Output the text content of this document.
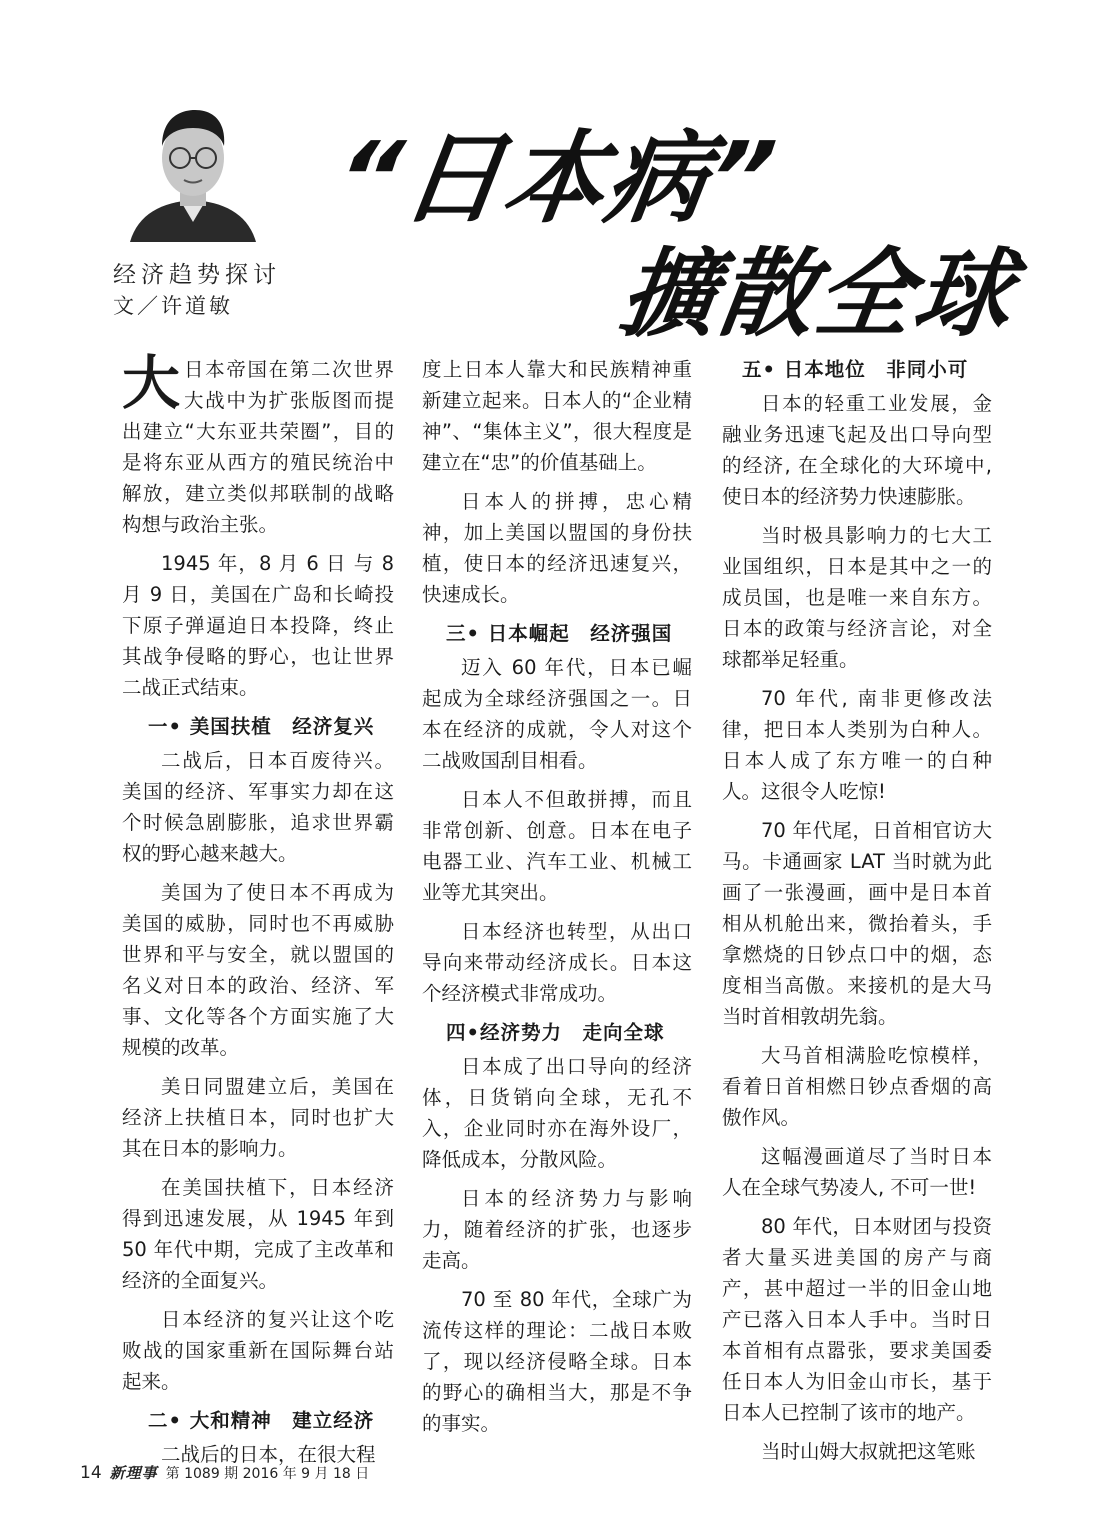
经济趋势探讨
文／许道敏
“日本病”
擴散全球

大日本帝国在第二次世界大战中为扩张版图而提出建立“大东亚共荣圈”，目的是将东亚从西方的殖民统治中解放，建立类似邦联制的战略构想与政治主张。

1945 年，8 月 6 日 与 8 月 9 日，美国在广岛和长崎投下原子弹逼迫日本投降，终止其战争侵略的野心，也让世界二战正式结束。

一• 美国扶植　经济复兴

二战后，日本百废待兴。美国的经济、军事实力却在这个时候急剧膨胀，追求世界霸权的野心越来越大。

美国为了使日本不再成为美国的威胁，同时也不再威胁世界和平与安全，就以盟国的名义对日本的政治、经济、军事、文化等各个方面实施了大规模的改革。

美日同盟建立后，美国在经济上扶植日本，同时也扩大其在日本的影响力。

在美国扶植下，日本经济得到迅速发展，从 1945 年到 50 年代中期，完成了主改革和经济的全面复兴。

日本经济的复兴让这个吃败战的国家重新在国际舞台站起来。

二• 大和精神　建立经济

二战后的日本，在很大程

度上日本人靠大和民族精神重新建立起来。日本人的“企业精神”、“集体主义”，很大程度是建立在“忠”的价值基础上。

日本人的拼搏，忠心精神，加上美国以盟国的身份扶植，使日本的经济迅速复兴，快速成长。

三• 日本崛起　经济强国

迈入 60 年代，日本已崛起成为全球经济强国之一。日本在经济的成就，令人对这个二战败国刮目相看。

日本人不但敢拼搏，而且非常创新、创意。日本在电子电器工业、汽车工业、机械工业等尤其突出。

日本经济也转型，从出口导向来带动经济成长。日本这个经济模式非常成功。

四•经济势力　走向全球

日本成了出口导向的经济体，日货销向全球，无孔不入，企业同时亦在海外设厂，降低成本，分散风险。

日本的经济势力与影响力，随着经济的扩张，也逐步走高。

70 至 80 年代，全球广为流传这样的理论：二战日本败了，现以经济侵略全球。日本的野心的确相当大，那是不争的事实。

五• 日本地位　非同小可

日本的轻重工业发展，金融业务迅速飞起及出口导向型的经济, 在全球化的大环境中, 使日本的经济势力快速膨胀。

当时极具影响力的七大工业国组织，日本是其中之一的成员国，也是唯一来自东方。日本的政策与经济言论，对全球都举足轻重。

70 年代, 南非更修改法律，把日本人类别为白种人。日本人成了东方唯一的白种人。这很令人吃惊!

70 年代尾，日首相官访大马。卡通画家 LAT 当时就为此画了一张漫画，画中是日本首相从机舱出来，微抬着头，手拿燃烧的日钞点口中的烟，态度相当高傲。来接机的是大马当时首相敦胡先翁。

大马首相满脸吃惊模样，看着日首相燃日钞点香烟的高傲作风。

这幅漫画道尽了当时日本人在全球气势凌人, 不可一世!

80 年代，日本财团与投资者大量买进美国的房产与商产，甚中超过一半的旧金山地产已落入日本人手中。当时日本首相有点嚣张，要求美国委任日本人为旧金山市长，基于日本人已控制了该市的地产。

当时山姆大叔就把这笔账

14 新理事 第 1089 期 2016 年 9 月 18 日
